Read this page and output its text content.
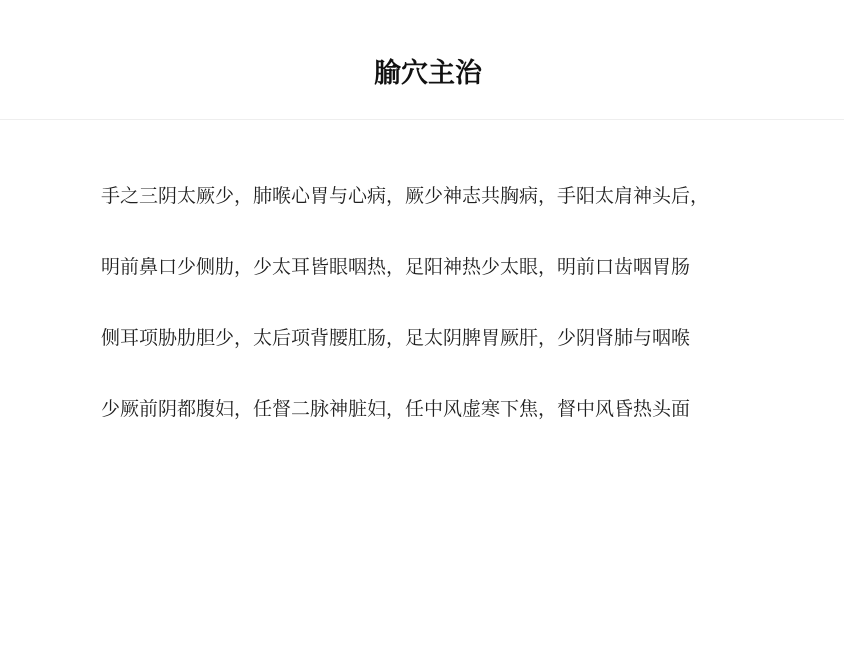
腧穴主治

手之三阴太厥少，肺喉心胃与心病，厥少神志共胸病，手阳太肩神头后，

明前鼻口少侧肋，少太耳皆眼咽热，足阳神热少太眼，明前口齿咽胃肠

侧耳项胁肋胆少，太后项背腰肛肠，足太阴脾胃厥肝，少阴肾肺与咽喉

少厥前阴都腹妇，任督二脉神脏妇，任中风虚寒下焦，督中风昏热头面
